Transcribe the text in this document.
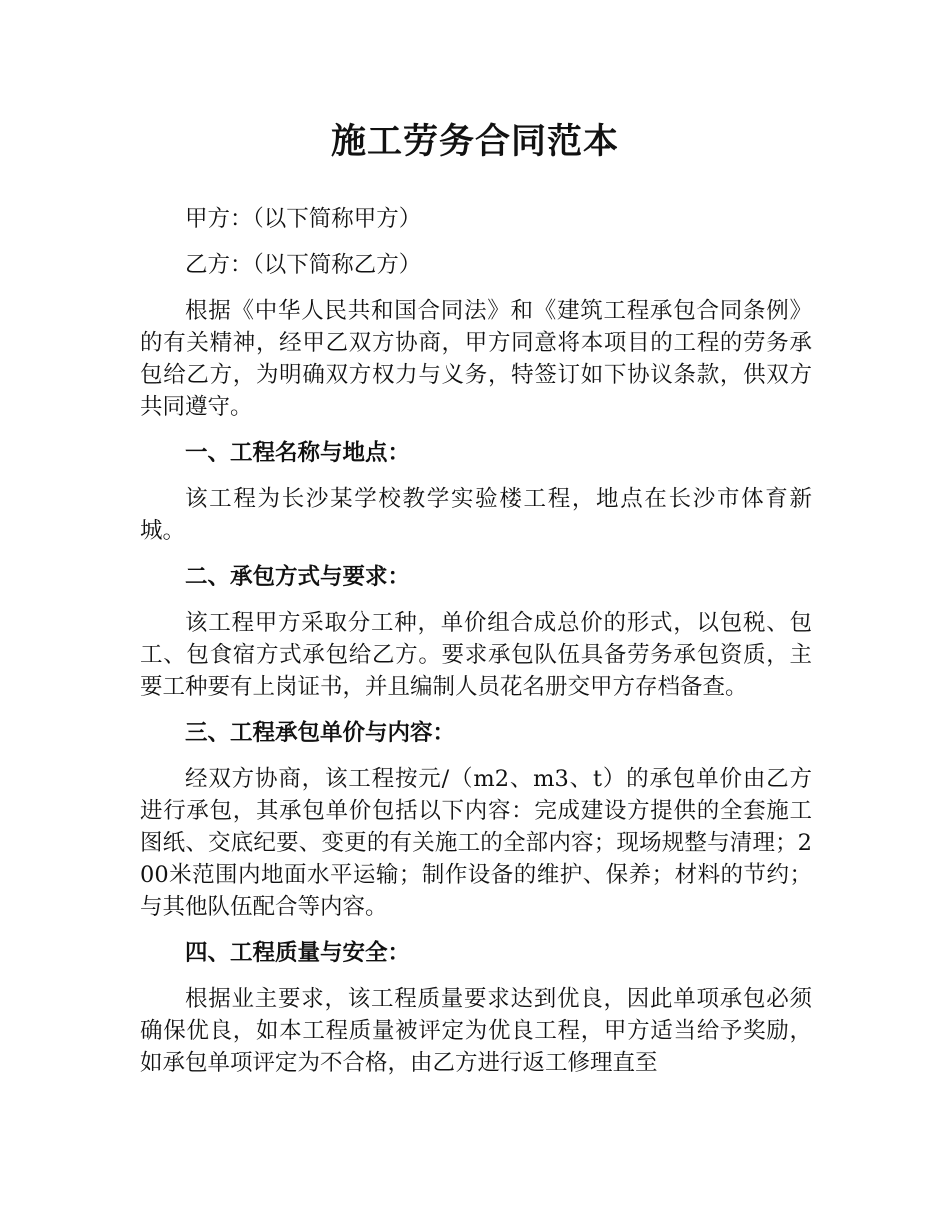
施工劳务合同范本

甲方：（以下简称甲方）

乙方：（以下简称乙方）

根据《中华人民共和国合同法》和《建筑工程承包合同条例》的有关精神，经甲乙双方协商，甲方同意将本项目的工程的劳务承包给乙方，为明确双方权力与义务，特签订如下协议条款，供双方共同遵守。

一、工程名称与地点：

该工程为长沙某学校教学实验楼工程，地点在长沙市体育新城。

二、承包方式与要求：

该工程甲方采取分工种，单价组合成总价的形式，以包税、包工、包食宿方式承包给乙方。要求承包队伍具备劳务承包资质，主要工种要有上岗证书，并且编制人员花名册交甲方存档备查。

三、工程承包单价与内容：

经双方协商，该工程按元/（m2、m3、t）的承包单价由乙方进行承包，其承包单价包括以下内容：完成建设方提供的全套施工图纸、交底纪要、变更的有关施工的全部内容；现场规整与清理；200米范围内地面水平运输；制作设备的维护、保养；材料的节约；与其他队伍配合等内容。

四、工程质量与安全：

根据业主要求，该工程质量要求达到优良，因此单项承包必须确保优良，如本工程质量被评定为优良工程，甲方适当给予奖励，如承包单项评定为不合格，由乙方进行返工修理直至
